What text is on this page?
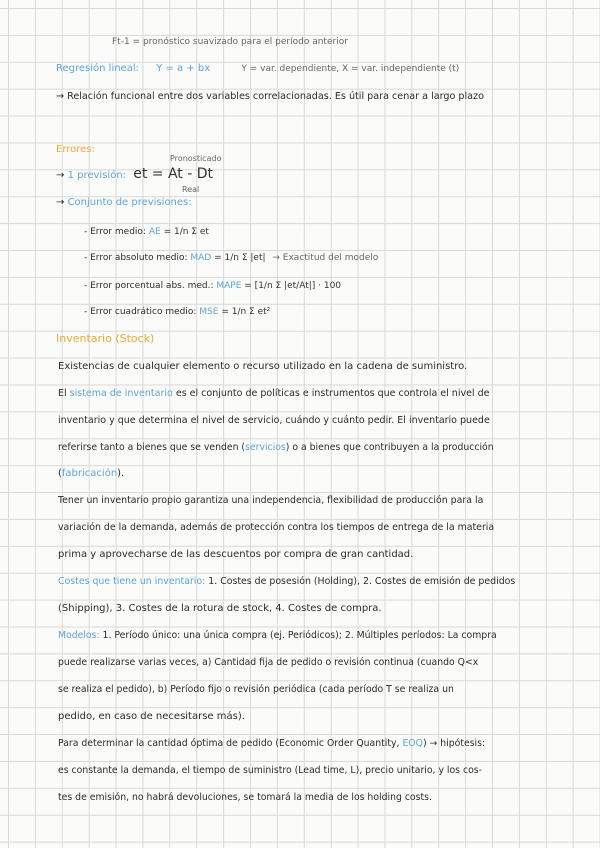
Ft-1 = pronóstico suavizado para el período anterior
Regresión lineal: Y = a + bx	Y = var. dependiente, X = var. independiente (t)
→ Relación funcional entre dos variables correlacionadas. Es útil para cenar a largo plazo
Errores:
Pronosticado
→ 1 previsión: et = At - Dt
Real
→ Conjunto de previsiones:
- Error medio: AE = 1/n Σ et
- Error absoluto medio: MAD = 1/n Σ |et| → Exactitud del modelo
- Error porcentual abs. med.: MAPE = [1/n Σ |et/At|] · 100
- Error cuadrático medio: MSE = 1/n Σ et²
Inventario (Stock)
Existencias de cualquier elemento o recurso utilizado en la cadena de suministro.
El sistema de inventario es el conjunto de políticas e instrumentos que controla el nivel de
inventario y que determina el nivel de servicio, cuándo y cuánto pedir. El inventario puede
referirse tanto a bienes que se venden (servicios) o a bienes que contribuyen a la producción
(fabricación).
Tener un inventario propio garantiza una independencia, flexibilidad de producción para la
variación de la demanda, además de protección contra los tiempos de entrega de la materia
prima y aprovecharse de las descuentos por compra de gran cantidad.
Costes que tiene un inventario: 1. Costes de posesión (Holding), 2. Costes de emisión de pedidos
(Shipping), 3. Costes de la rotura de stock, 4. Costes de compra.
Modelos: 1. Período único: una única compra (ej. Periódicos); 2. Múltiples períodos: La compra
puede realizarse varias veces, a) Cantidad fija de pedido o revisión continua (cuando Q<x
se realiza el pedido), b) Período fijo o revisión periódica (cada período T se realiza un
pedido, en caso de necesitarse más).
Para determinar la cantidad óptima de pedido (Economic Order Quantity, EOQ) → hipótesis:
es constante la demanda, el tiempo de suministro (Lead time, L), precio unitario, y los cos-
tes de emisión, no habrá devoluciones, se tomará la media de los holding costs.
